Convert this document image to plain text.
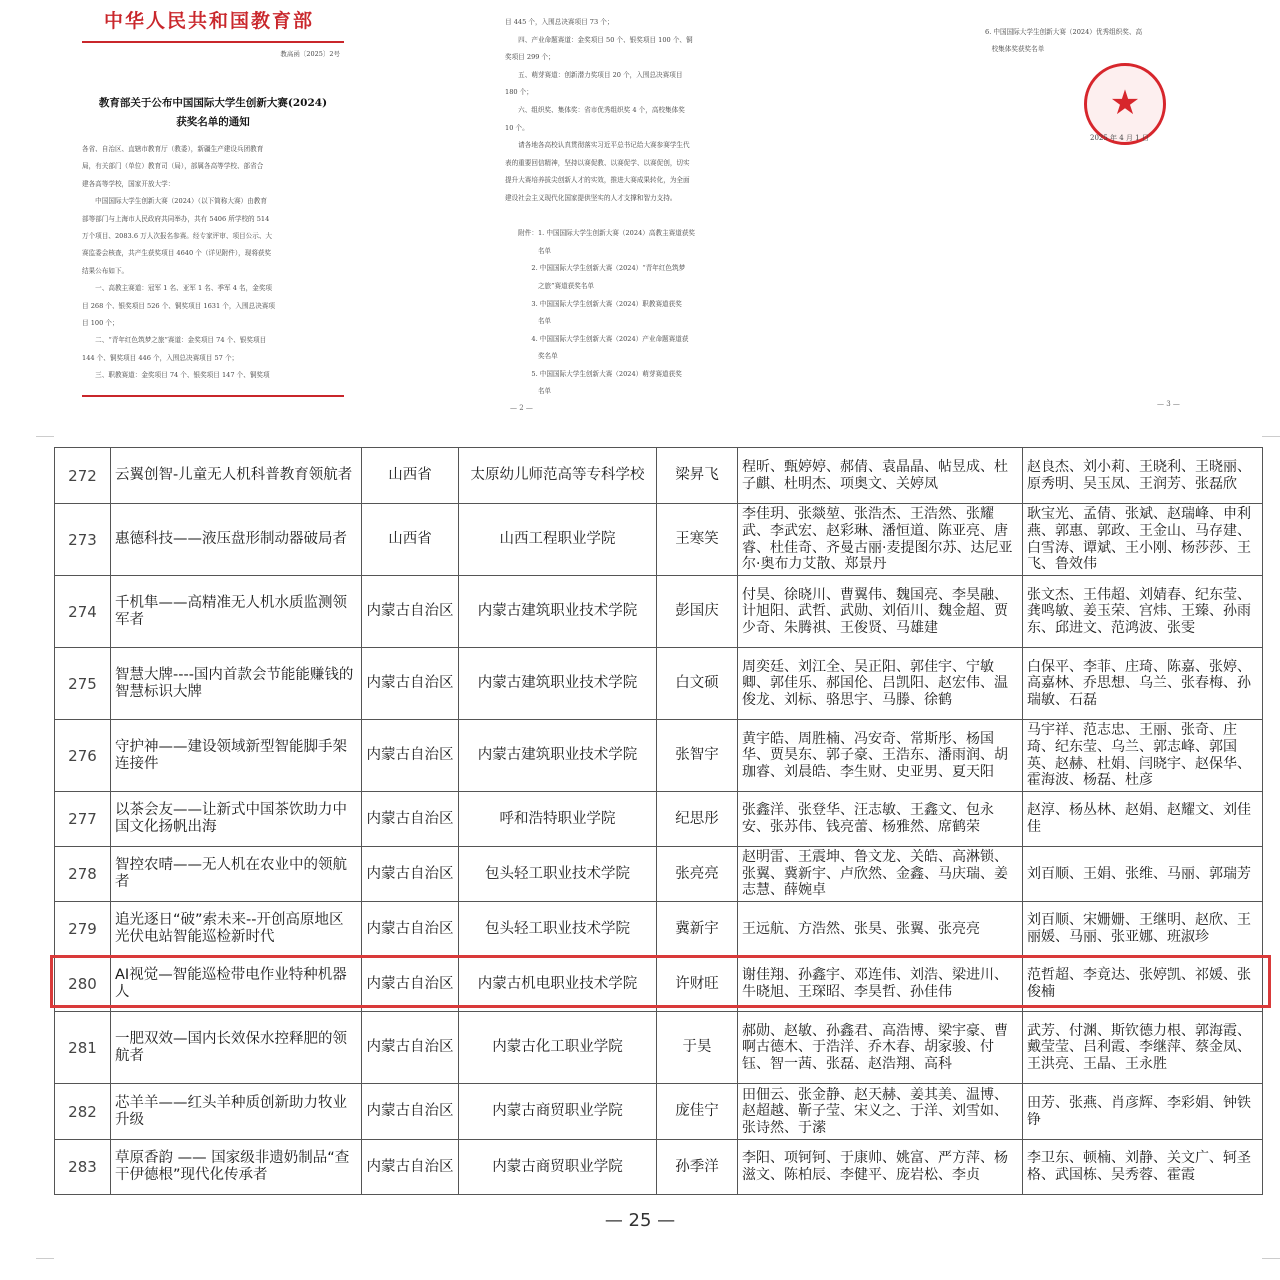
中华人民共和国教育部
教高函〔2025〕2号
教育部关于公布中国国际大学生创新大赛(2024)
获奖名单的通知
各省、自治区、直辖市教育厅（教委），新疆生产建设兵团教育
局，有关部门（单位）教育司（局），部属各高等学校、部省合
建各高等学校，国家开放大学：
　　中国国际大学生创新大赛（2024）（以下简称大赛）由教育
部等部门与上海市人民政府共同举办，共有 5406 所学校的 514
万个项目、2083.6 万人次报名参赛。经专家评审、项目公示、大
赛监委会核查，共产生获奖项目 4640 个（详见附件），现将获奖
结果公布如下。
　　一、高教主赛道：冠军 1 名、亚军 1 名、季军 4 名，金奖项
目 268 个、银奖项目 526 个、铜奖项目 1631 个，入围总决赛项
目 100 个；
　　二、“青年红色筑梦之旅”赛道：金奖项目 74 个、银奖项目
144 个、铜奖项目 446 个，入围总决赛项目 57 个；
　　三、职教赛道：金奖项目 74 个、银奖项目 147 个、铜奖项
目 445 个，入围总决赛项目 73 个；
　　四、产业命题赛道：金奖项目 50 个、银奖项目 100 个、铜
奖项目 299 个；
　　五、萌芽赛道：创新潜力奖项目 20 个，入围总决赛项目
180 个；
　　六、组织奖、集体奖：省市优秀组织奖 4 个，高校集体奖
10 个。
　　请各地各高校认真贯彻落实习近平总书记给大赛参赛学生代
表的重要回信精神，坚持以赛促教、以赛促学、以赛促创，切实
提升大赛培养拔尖创新人才的实效，推进大赛成果转化，为全面
建设社会主义现代化国家提供坚实的人才支撑和智力支持。

　　附件：1. 中国国际大学生创新大赛（2024）高教主赛道获奖
　　　　　名单
　　　　2. 中国国际大学生创新大赛（2024）“青年红色筑梦
　　　　　之旅”赛道获奖名单
　　　　3. 中国国际大学生创新大赛（2024）职教赛道获奖
　　　　　名单
　　　　4. 中国国际大学生创新大赛（2024）产业命题赛道获
　　　　　奖名单
　　　　5. 中国国际大学生创新大赛（2024）萌芽赛道获奖
　　　　　名单
— 2 —
6. 中国国际大学生创新大赛（2024）优秀组织奖、高
　校集体奖获奖名单
— 3 —
★
2025 年 4 月 1 日
272	云翼创智-儿童无人机科普教育领航者	山西省	太原幼儿师范高等专科学校	梁昇飞	程昕、甄婷婷、郝倩、袁晶晶、帖昱成、杜子麒、杜明杰、项奥文、关婷凤	赵良杰、刘小莉、王晓利、王晓丽、原秀明、吴玉凤、王润芳、张磊欣
273	惠德科技——液压盘形制动器破局者	山西省	山西工程职业学院	王寒笑	李佳玥、张燚堃、张浩杰、王浩然、张耀武、李武宏、赵彩琳、潘恒道、陈亚亮、唐睿、杜佳奇、齐曼古丽·麦提图尔苏、达尼亚尔·奥布力艾散、郑景丹	耿宝光、孟倩、张斌、赵瑞峰、申利燕、郭惠、郭政、王金山、马存建、白雪涛、谭斌、王小刚、杨莎莎、王飞、鲁效伟
274	千机隼——高精准无人机水质监测领军者	内蒙古自治区	内蒙古建筑职业技术学院	彭国庆	付昊、徐晓川、曹翼伟、魏国亮、李昊融、计旭阳、武哲、武勋、刘佰川、魏金超、贾少奇、朱腾祺、王俊贤、马雄建	张文杰、王伟超、刘婧春、纪东莹、龚鸣敏、姜玉荣、宫炜、王臻、孙雨东、邱进文、范鸿波、张雯
275	智慧大牌----国内首款会节能能赚钱的智慧标识大牌	内蒙古自治区	内蒙古建筑职业技术学院	白文硕	周奕廷、刘江全、吴正阳、郭佳宇、宁敏卿、郭佳乐、郝国伦、吕凯阳、赵宏伟、温俊龙、刘标、骆思宇、马滕、徐鹤	白保平、李菲、庄琦、陈嘉、张婷、高嘉林、乔思想、乌兰、张春梅、孙瑞敏、石磊
276	守护神——建设领域新型智能脚手架连接件	内蒙古自治区	内蒙古建筑职业技术学院	张智宇	黄宇皓、周胜楠、冯安奇、常斯彤、杨国华、贾昊东、郭子豪、王浩东、潘雨润、胡珈睿、刘晨皓、李生财、史亚男、夏天阳	马宇祥、范志忠、王丽、张奇、庄琦、纪东莹、乌兰、郭志峰、郭国英、赵赫、杜娟、闫晓宇、赵保华、霍海波、杨磊、杜彦
277	以茶会友——让新式中国茶饮助力中国文化扬帆出海	内蒙古自治区	呼和浩特职业学院	纪思彤	张鑫洋、张登华、汪志敏、王鑫文、包永安、张苏伟、钱亮蕾、杨雅然、席鹤荣	赵淳、杨丛林、赵娟、赵耀文、刘佳佳
278	智控农晴——无人机在农业中的领航者	内蒙古自治区	包头轻工职业技术学院	张亮亮	赵明雷、王震坤、鲁文龙、关皓、高淋锁、张翼、冀新宇、卢欣然、金鑫、马庆瑞、姜志慧、薛婉卓	刘百顺、王娟、张维、马丽、郭瑞芳
279	追光逐日“破”索未来--开创高原地区光伏电站智能巡检新时代	内蒙古自治区	包头轻工职业技术学院	冀新宇	王远航、方浩然、张昊、张翼、张亮亮	刘百顺、宋姗姗、王继明、赵欣、王丽媛、马丽、张亚娜、班淑珍
280	AI视觉—智能巡检带电作业特种机器人	内蒙古自治区	内蒙古机电职业技术学院	许财旺	谢佳翔、孙鑫宇、邓连伟、刘浩、梁进川、牛晓旭、王琛昭、李昊哲、孙佳伟	范哲超、李竟达、张婷凯、祁媛、张俊楠
281	一肥双效—国内长效保水控释肥的领航者	内蒙古自治区	内蒙古化工职业学院	于昊	郝勋、赵敏、孙鑫君、高浩博、梁宇豪、曹啊古德木、于浩洋、乔木春、胡家骏、付钰、智一茜、张磊、赵浩翔、高科	武芳、付渊、斯钦德力根、郭海霞、戴莹莹、吕利霞、李继萍、蔡金凤、王洪亮、王晶、王永胜
282	芯羊羊——红头羊种质创新助力牧业升级	内蒙古自治区	内蒙古商贸职业学院	庞佳宁	田佃云、张金静、赵天赫、姜其美、温博、赵超越、靳子莹、宋义之、于洋、刘雪如、张诗然、于潆	田芳、张燕、肖彦辉、李彩娟、钟铁铮
283	草原香韵 —— 国家级非遗奶制品“查干伊德根”现代化传承者	内蒙古自治区	内蒙古商贸职业学院	孙季洋	李阳、项钶钶、于康帅、姚富、严方萍、杨滋文、陈柏辰、李健平、庞岩松、李贞	李卫东、顿楠、刘静、关文广、轲圣格、武国栋、吴秀蓉、霍霞
— 25 —
